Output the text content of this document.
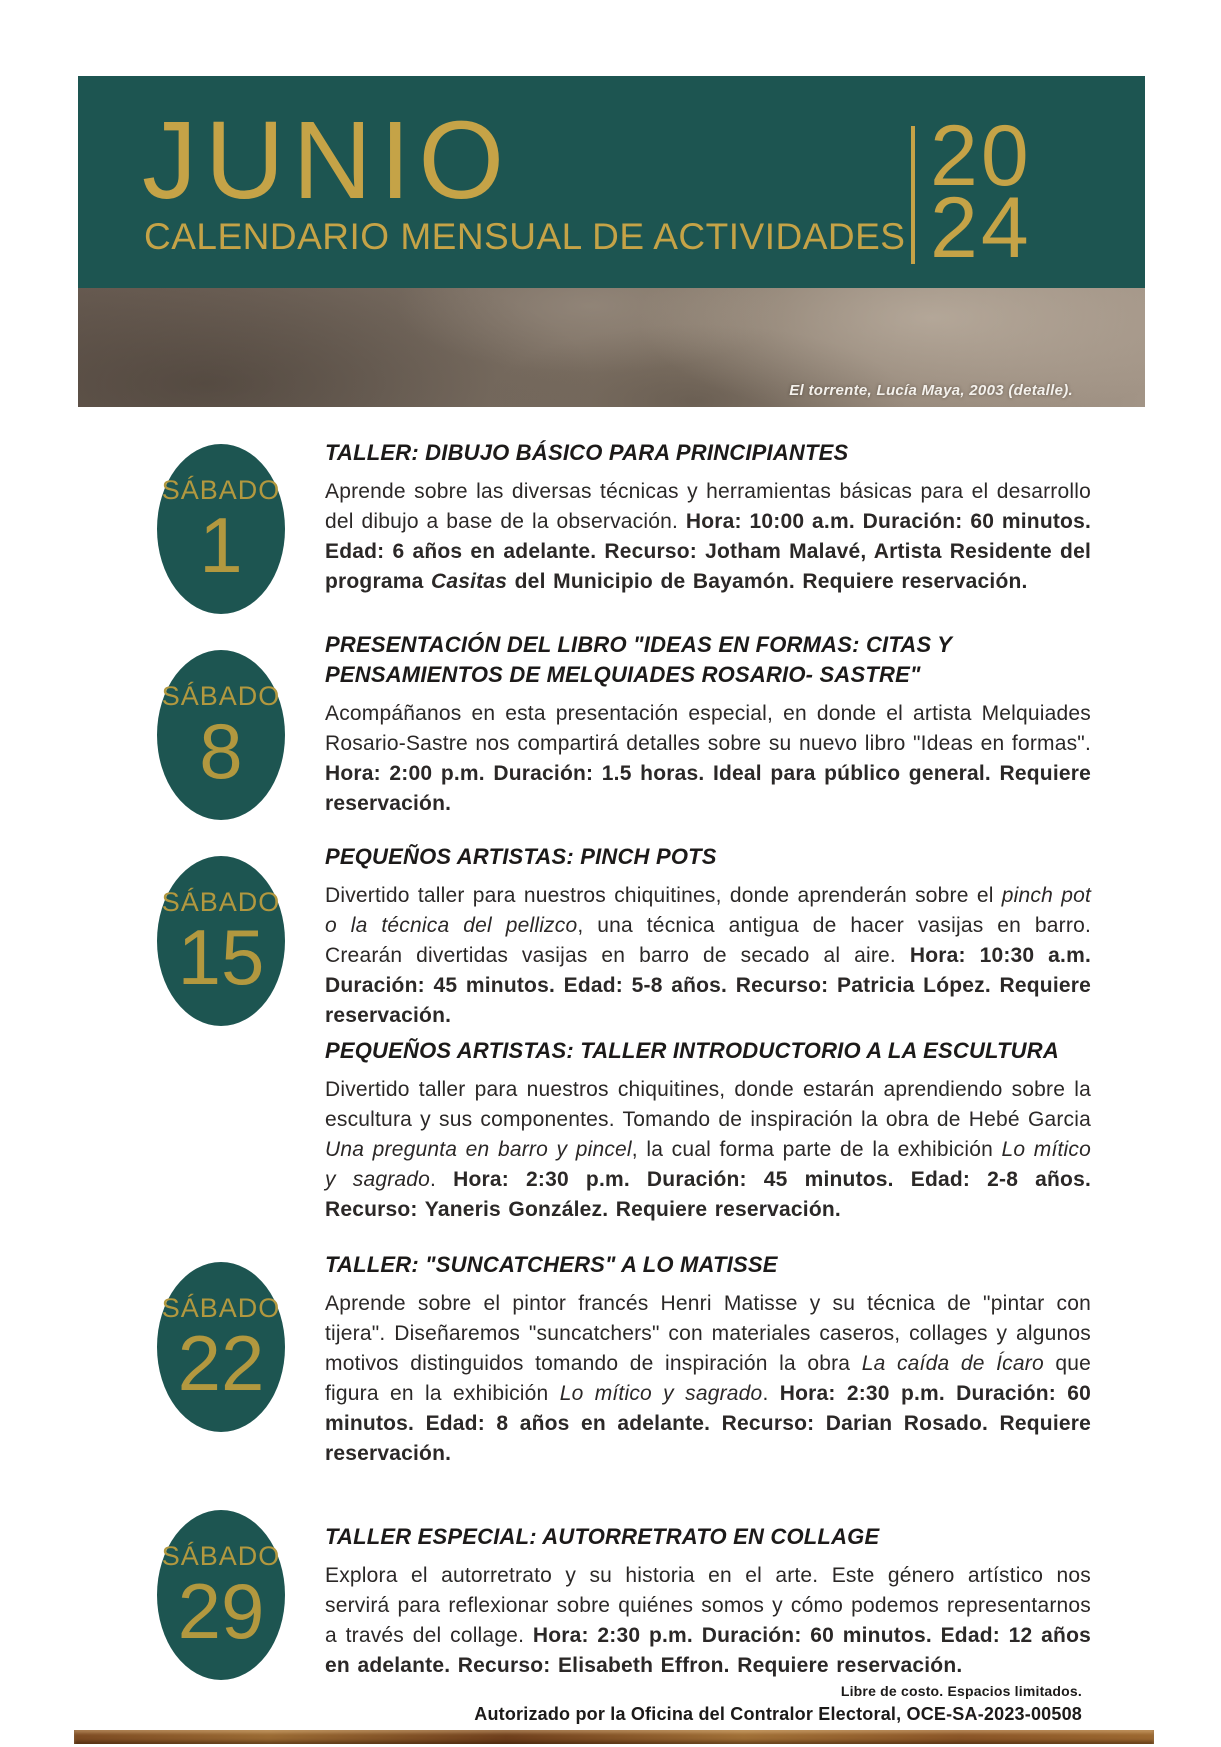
JUNIO
CALENDARIO MENSUAL DE ACTIVIDADES
20
24
El torrente, Lucía Maya, 2003 (detalle).
SÁBADO
1
TALLER: DIBUJO BÁSICO PARA PRINCIPIANTES

Aprende sobre las diversas técnicas y herramientas básicas para el desarrollo del dibujo a base de la observación. Hora: 10:00 a.m. Duración: 60 minutos. Edad: 6 años en adelante. Recurso: Jotham Malavé, Artista Residente del programa Casitas del Municipio de Bayamón. Requiere reservación.

SÁBADO
8
PRESENTACIÓN DEL LIBRO "IDEAS EN FORMAS: CITAS Y PENSAMIENTOS DE MELQUIADES ROSARIO- SASTRE"

Acompáñanos en esta presentación especial, en donde el artista Melquiades Rosario-Sastre nos compartirá detalles sobre su nuevo libro "Ideas en formas". Hora: 2:00 p.m. Duración: 1.5 horas. Ideal para público general. Requiere reservación.

SÁBADO
15
PEQUEÑOS ARTISTAS: PINCH POTS

Divertido taller para nuestros chiquitines, donde aprenderán sobre el pinch pot o la técnica del pellizco, una técnica antigua de hacer vasijas en barro. Crearán divertidas vasijas en barro de secado al aire. Hora: 10:30 a.m. Duración: 45 minutos. Edad: 5-8 años. Recurso: Patricia López. Requiere reservación.

PEQUEÑOS ARTISTAS: TALLER INTRODUCTORIO A LA ESCULTURA

Divertido taller para nuestros chiquitines, donde estarán aprendiendo sobre la escultura y sus componentes. Tomando de inspiración la obra de Hebé Garcia Una pregunta en barro y pincel, la cual forma parte de la exhibición Lo mítico y sagrado. Hora: 2:30 p.m. Duración: 45 minutos. Edad: 2-8 años. Recurso: Yaneris González. Requiere reservación.

SÁBADO
22
TALLER: "SUNCATCHERS" A LO MATISSE

Aprende sobre el pintor francés Henri Matisse y su técnica de "pintar con tijera". Diseñaremos "suncatchers" con materiales caseros, collages y algunos motivos distinguidos tomando de inspiración la obra La caída de Ícaro que figura en la exhibición Lo mítico y sagrado. Hora: 2:30 p.m. Duración: 60 minutos. Edad: 8 años en adelante. Recurso: Darian Rosado. Requiere reservación.

SÁBADO
29
TALLER ESPECIAL: AUTORRETRATO EN COLLAGE

Explora el autorretrato y su historia en el arte. Este género artístico nos servirá para reflexionar sobre quiénes somos y cómo podemos representarnos a través del collage. Hora: 2:30 p.m. Duración: 60 minutos. Edad: 12 años en adelante. Recurso: Elisabeth Effron. Requiere reservación.

Libre de costo. Espacios limitados.

Autorizado por la Oficina del Contralor Electoral, OCE-SA-2023-00508
